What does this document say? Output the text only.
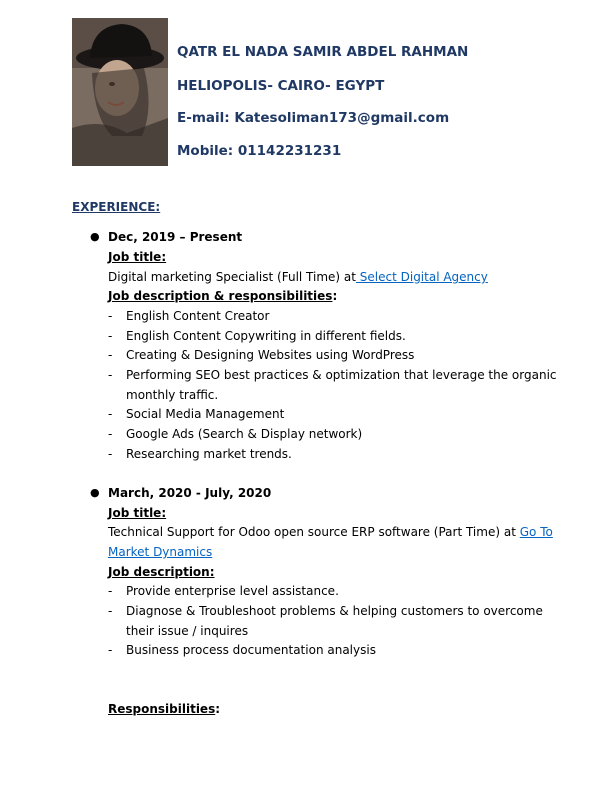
QATR EL NADA SAMIR ABDEL RAHMAN
HELIOPOLIS- CAIRO- EGYPT
E-mail: Katesoliman173@gmail.com
Mobile: 01142231231
EXPERIENCE:
● Dec, 2019 – Present
Job title:
Digital marketing Specialist (Full Time) at Select Digital Agency
Job description & responsibilities:
- English Content Creator
- English Content Copywriting in different fields.
- Creating & Designing Websites using WordPress
- Performing SEO best practices & optimization that leverage the organic
monthly traffic.
- Social Media Management
- Google Ads (Search & Display network)
- Researching market trends.
● March, 2020 - July, 2020
Job title:
Technical Support for Odoo open source ERP software (Part Time) at Go To
Market Dynamics
Job description:
- Provide enterprise level assistance.
- Diagnose & Troubleshoot problems & helping customers to overcome
their issue / inquires
- Business process documentation analysis
Responsibilities:
